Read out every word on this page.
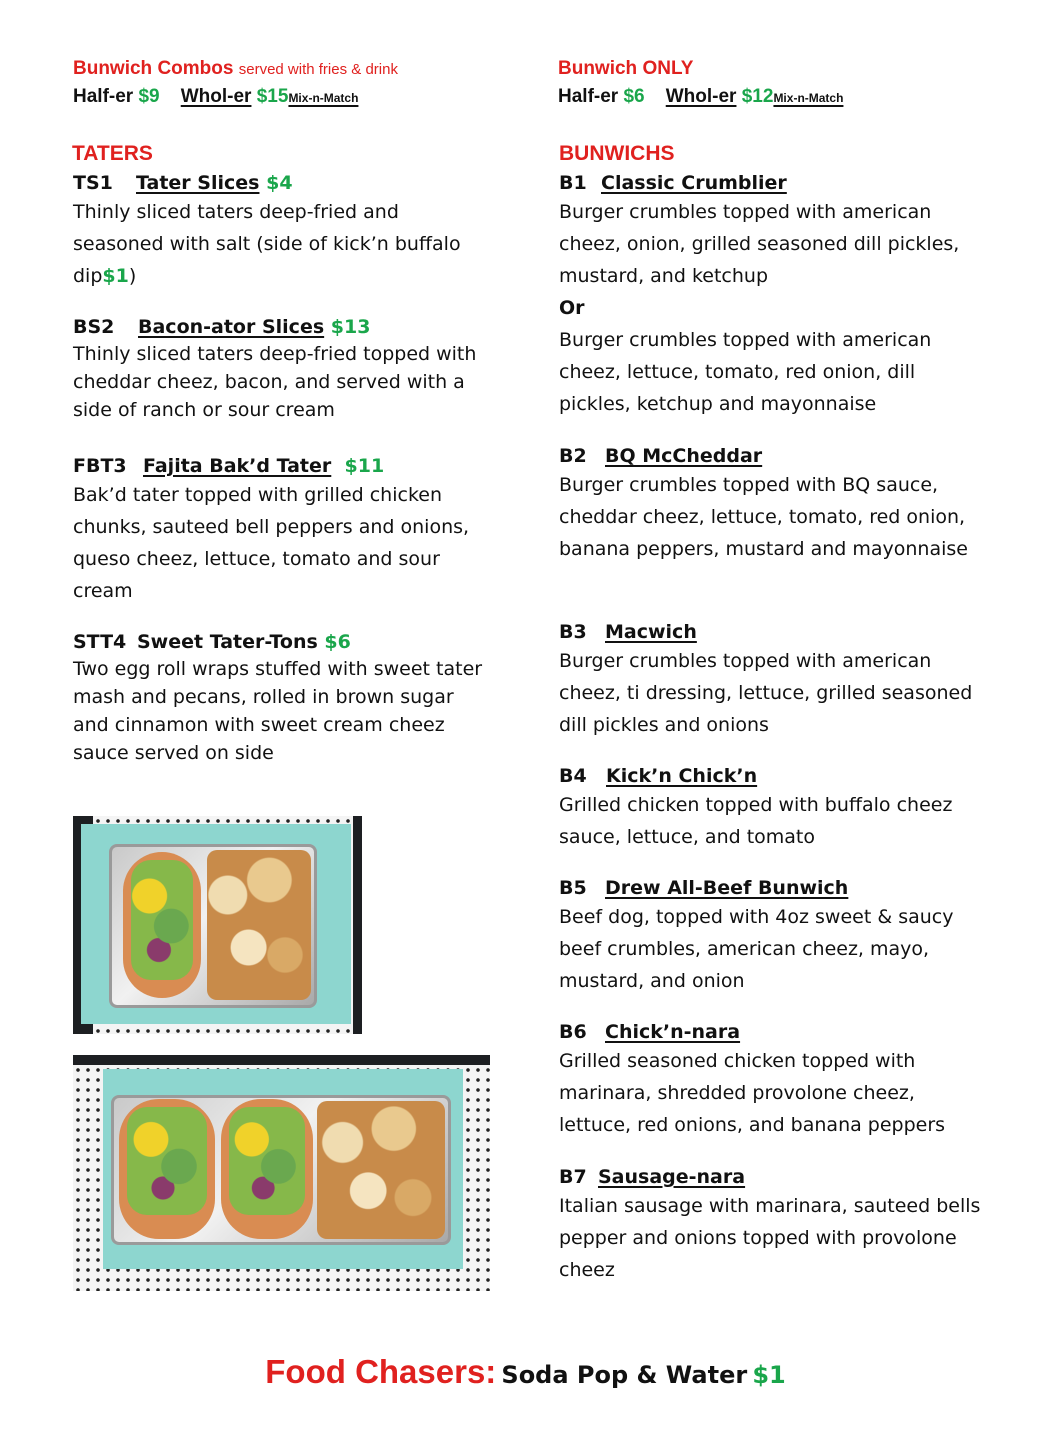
Bunwich Combos served with fries & drink
Half-er $9 Whol-er $15Mix-n-Match
Bunwich ONLY
Half-er $6 Whol-er $12Mix-n-Match
TATERS
TS1 Tater Slices $4
Thinly sliced taters deep-fried and seasoned with salt (side of kick’n buffalo dip$1)
BS2 Bacon-ator Slices $13
Thinly sliced taters deep-fried topped with cheddar cheez, bacon, and served with a side of ranch or sour cream
FBT3 Fajita Bak’d Tater $11
Bak’d tater topped with grilled chicken chunks, sauteed bell peppers and onions, queso cheez, lettuce, tomato and sour cream
STT4 Sweet Tater-Tons $6
Two egg roll wraps stuffed with sweet tater mash and pecans, rolled in brown sugar and cinnamon with sweet cream cheez sauce served on side
BUNWICHS
B1 Classic Crumblier
Burger crumbles topped with american cheez, onion, grilled seasoned dill pickles, mustard, and ketchup
Or
Burger crumbles topped with american cheez, lettuce, tomato, red onion, dill pickles, ketchup and mayonnaise
B2 BQ McCheddar
Burger crumbles topped with BQ sauce, cheddar cheez, lettuce, tomato, red onion, banana peppers, mustard and mayonnaise
B3 Macwich
Burger crumbles topped with american cheez, ti dressing, lettuce, grilled seasoned dill pickles and onions
B4 Kick’n Chick’n
Grilled chicken topped with buffalo cheez sauce, lettuce, and tomato
B5 Drew All-Beef Bunwich
Beef dog, topped with 4oz sweet & saucy beef crumbles, american cheez, mayo, mustard, and onion
B6 Chick’n-nara
Grilled seasoned chicken topped with marinara, shredded provolone cheez, lettuce, red onions, and banana peppers
B7 Sausage-nara
Italian sausage with marinara, sauteed bells pepper and onions topped with provolone cheez
Food Chasers: Soda Pop & Water $1
